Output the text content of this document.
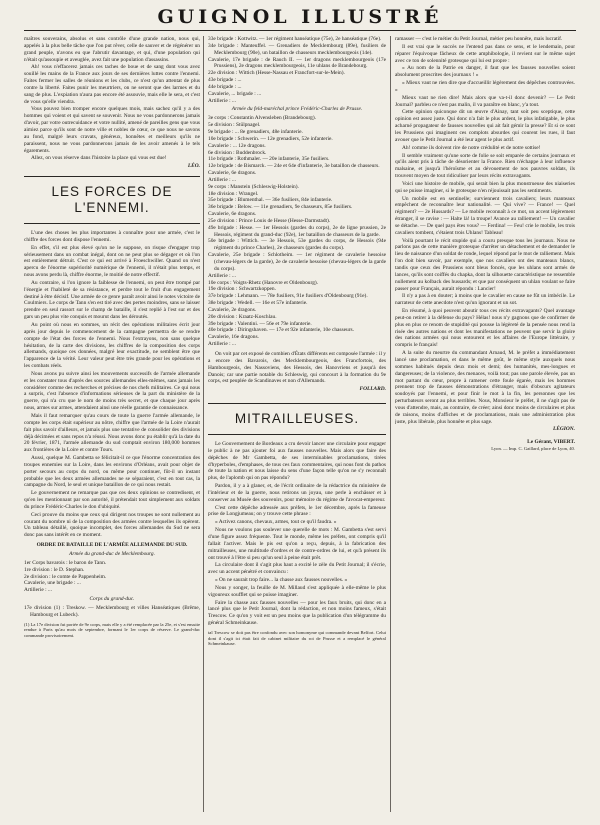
GUIGNOL ILLUSTRÉ

maîtres souverains, absolus et sans contrôle d'une grande nation, nous qui, appelés à la plus belle tâche que l'on put rêver, celle de sauver et de régénérer un grand peuple, n'avons eu que l'abrutir davantage, et qui, d'une population qui n'était qu'assoupie et aveuglée, avez fait une population d'assassins.

Ah! vous n'effacerez jamais ces taches de boue et de sang dont vous avez souillé les mains de la France aux jours de ses dernières luttes contre l'ennemi. Faites fermer les salles de réunions et les clubs, ce n'est qu'un attentat de plus contre la liberté. Faites punir les meurtriers, on ne seront que des larmes et du sang de plus. L'expiation n'aura pas encore été assouvie, mais elle le sera, et c'est de vous qu'elle viendra.

Vous pouvez bien tromper encore quelques mois, mais sachez qu'il y a des hommes qui voient et qui savent se souvenir. Nous ne vous pardonnerons jamais d'avoir, par votre outrecuidance et votre nullité, amené de pareilles gens que vous aimiez parce qu'ils sont de notre ville et nobles de cœur, ce que nous ne savons au fond, malgré leurs cravats, généreux, honnêtes et meilleurs qu'ils ne paraissent, nous ne vous pardonnerons jamais de les avoir amenés à le tels égarements.

Allez, on vous réserve dans l'histoire la place qui vous est due!

LÉO.
LES FORCES DE L'ENNEMI.

L'une des choses les plus importantes à connaître pour une armée, c'est le chiffre des forces dont dispose l'ennemi.

En effet, s'il est plus élevé qu'on ne le suppose, on risque d'engager trop sérieusement dans un combat inégal, dont on ne peut plus se dégager et où l'on est entièrement détruit. C'est ce qui est arrivé à Froeschwiller. Quand on n'est apercu de l'énorme supériorité numérique de l'ennemi, il n'était plus temps, et nous avons perdu là, chiffre énorme, le moitié de notre effectif.

Au contraire, si l'on ignore la faiblesse de l'ennemi, on peut être trompé par l'énergie et l'habileté de sa résistance, et perdre tout le fruit d'un engagement destiné à être décisif. Une armée de ce genre paraît avoir ainsi le notes victoire de Coulmiers. Le corps de Tann s'en est tiré avec des pertes moindres, sans se laisser prendre en seul rassort sur le champ de bataille, il s'est replié à l'est sur et des gars un peu plus vite conquis et mourut dans les déroutés.

Au point où nous en sommes, un récit des opérations militaires écrit jour après jour depuis le commencement de la campagne permettra de se rendre compte de l'état des forces de l'ennemi. Nous l'extrayons, non sans quelque hésitation, de la carte des divisions, les chiffres de la composition des corps allemands, quoique ces données, malgré leur exactitude, ne semblent être que l'apparence de la vérité. Leur valeur peut être très grande pour les opérations et les combats réels.

Nous avons pu suivre ainsi les mouvements successifs de l'armée allemande et les constater tous d'après des sources allemandes elles-mêmes, sans jamais les considérer comme des recherches et précises de nos chefs militaires. Ce qui nous a surpris, c'est l'absence d'informations sérieuses de la part du ministère de la guerre, qui n'a cru que le nom de moins très secret, et que chaque jour après nous, armes sur armes, attendaient ainsi une réelle garantie de connaissance.

Mais il faut remarquer qu'au cours de toute la guerre l'armée allemande, le compte les corps était supérieur au nôtre, chiffre que l'armée de la Loire n'aurait fait plus savoir d'ailleurs, et jamais plus une tentative de consolider des divisions déjà décimées et sans repos n'a réussi. Nous avons donc pu établir qu'à la date du 20 février, 1871, l'armée allemande du sud comptait environ 180,000 hommes aux frontières de la Loire et contre Tours.

Aussi, quelque M. Gambetta se félicitait-il ce que l'énorme concentration des troupes ennemies sur la Loire, dans les environs d'Orléans, avait pour objet de porter secours au corps du nord, ou même pour continuer, fût-il un instant probable que les deux armées allemandes ne se séparaient, c'est en tout cas, la campagne du Nord, le seul et unique bataillon de ce qui nous restait.

Le gouvernement ne remarque pas que ces deux opinions se contredisent, et qu'en les mentionnant par son autorité, il prétendait tout simplement aux soldats du prince Frédéric-Charles le don d'ubiquité.

Ceci prouve du moins que ceux qui dirigent nos troupes ne sont nullement au courant du nombre ni de la composition des armées contre lesquelles ils opèrent. Un tableau détaillé, quoique incomplet, des forces allemandes du Sud ne sera donc pas sans intérêt en ce moment.

ORDRE DE BATAILLE DE L'ARMÉE ALLEMANDE DU SUD.
Armée du grand-duc de Mecklembourg.
1er Corps bavarois : le baron de Tann.
1re division : le D. Stephan.
2e division : le comte de Pappenheim.
Cavalerie, une brigade : ...
Artillerie : ...
Corps du grand-duc.
17e division (1) : Treskow. — Mecklembourg et villes Hanséatiques (Brême, Hambourg et Lubeck).

(1) La 17e division fut portée de 9e corps, mais elle y a été remplacée par la 25e, et s'est ensuite rendue à Paris qu'au mois de septembre, formant le 1er corps de réserve. Le grand-duc commande provisoirement.

33e brigade : Kottwitz. — 1er régiment hanséatique (75e), 2e hanséatique (76e).
34e brigade : Manteuffel. — Grenadiers de Mecklembourg (89e), fusiliers de Mecklembourg (90e), un bataillon de chasseurs mecklembourgeois (14e).
Cavalerie, 17e brigade : de Rauch II. — 1er dragons mecklembourgeois (17e Prussiens), 2e dragons mecklembourgeois, 11e uhlans de Brandebourg.
22e division : Wittich (Hesse-Nassau et Francfort-sur-le-Mein).
43e brigade : ...
44e brigade : ...
Cavalerie, ... brigade : ...
Artillerie : ...
Armée du feld-maréchal prince Frédéric-Charles de Prusse.
3e corps : Constantin Alvensleben (Brandebourg).
5e division : Stülpnagel.
9e brigade : ... 8e grenadiers, 48e infanterie.
10e brigade : Schwerin. — 12e grenadiers, 52e infanterie.
Cavalerie : ... 12e dragons.
6e division : Buddenbrock.
11e brigade : Rothmaler. — 20e infanterie, 35e fusiliers.
12e brigade : de Bismarck. — 24e et 64e d'infanterie, 3e bataillon de chasseurs.
Cavalerie, 6e dragons.
Artillerie : ...
9e corps : Manstein (Schleswig-Holstein).
18e division : Wrangel.
35e brigade : Blumenthal. — 36e fusiliers, 84e infanterie.
36e brigade : Below. — 11e grenadiers, 9e chasseurs, 85e fusiliers.
Cavalerie, 6e dragons.
25e division : Prince Louis de Hesse (Hesse-Darmstadt).
49e brigade : Hesse. — 1er Hessois (gardes du corps), 2e de ligne prussien, 2e Hessois, régiment du grand-duc (92e), 1er bataillon de chasseurs de la garde.
50e brigade : Wittich. — 3e Hessois, 53e gardes du corps, 4e Hessois (94e régiment du prince Charles), 2e chasseurs (gardes du corps).
Cavalerie, 25e brigade : Schlotheim. — 1er régiment de cavalerie hessoise (chevau-légers de la garde), 2e de cavalerie hessoise (chevau-légers de la garde du corps).
Artillerie : ...
10e corps : Voigts-Rhetz (Hanovre et Oldenbourg).
19e division : Schwartzkoppen.
37e brigade : Lehmann. — 78e fusiliers, 91e fusiliers d'Oldenbourg (91e).
38e brigade : Wedell. — 16e et 57e infanterie.
Cavalerie, 2e dragons.
20e division : Kraatz-Koschlau.
39e brigade : Valentini. — 56e et 79e infanterie.
40e brigade : Diringshaven. — 17e et 92e infanterie, 10e chasseurs.
Cavalerie, 16e dragons.
Artillerie : ...

On voit par cet exposé de combien d'États différents est composée l'armée : il y a encore des Bavarois, des Mecklembourgeois, des Francfortois, des Hambourgeois, des Nassoviens, des Hessois, des Hanovriens et jusqu'à des Danois; car une partie notable du Schleswig, qui concourt à la formation du 9e corps, est peuplée de Scandinaves et non d'Allemands.

FOLLARD.
MITRAILLEUSES.

Le Gouvernement de Bordeaux a cru devoir lancer une circulaire pour engager le public à ne pas ajouter foi aux fausses nouvelles. Mais alors que faire des dépêches de Mr Gambetta, de ses interminables proclamations, tirées d'hyperboles, d'emphases, de tous ces faux commentaires, qui nous font du pathos de toute la nation et nous laisse du sens d'une façon telle qu'on ne s'y reconnaît plus, de l'aplomb qui on pas répondu?

Pardon, il y a à glaner, et, de l'écrit ordinaire de la rédactrice du ministère de l'intérieur et de la guerre, nous retirons un joyau, une perle à enchâsser et à conserver au Musée des souvenirs, pour mémoire du régime de l'avocat-empereur.

C'est cette dépêche adressée aux préfets, le 1er décembre, après la fameuse prise de Longjumeau; on y trouve cette phrase :

« Activez canons, chevaux, armes, tout ce qu'il faudra. »

Nous ne voulons pas soulever une querelle de mots : M. Gambetta s'est servi d'une figure assez fréquente. Tout le monde, même les préfets, ont compris qu'il fallait l'activer. Mais le pis est qu'on a reçu, depuis, à la fabrication des mitrailleuses, une multitude d'ordres et de contre-ordres de lui, et qu'à présent ils ont trouvé à l'être si peu qu'un seul à peine était prêt.

La circulaire dont il s'agit plus haut a excité le zèle du Petit Journal; il s'écrie, avec un accent pénétré et convaincu :

« On ne saurait trop faire... la chasse aux fausses nouvelles. »

Nous y songer, la feuille de M. Millaud s'est appliquée à elle-même le plus vigoureux soufflet qui se puisse imaginer.

Faire la chasse aux fausses nouvelles — pour les faux bruits, qui donc en a lancé plus que le Petit Journal, dont la rédaction, et non moins fameux, s'était Trescow. Ce qu'on y voit est un peu moins que la publication d'un télégramme du général Schmeinkause.

tal Trescow se doit pas être confondu avec son homonyme qui commande devant Belfort. Celui dont il s'agit ici était fait de cabinet militaire du roi de Prusse et a remplacé le général Schmeinkause.

ramasser — c'est le métier du Petit Journal, métier peu honnête, mais lucratif.

Il est vrai que le succès ne l'entend pas dans ce sens, et le lendemain, pour réparer l'équivoque fâcheux de cette amphibologie, il revient sur le même sujet avec ce ton de solennité grotesque qui lui est propre :

« Au nom de la Patrie en danger, il faut que les fausses nouvelles soient absolument proscrites des journaux ! »

« Mieux vaut ne rien dire que d'accueillir légèrement des dépêches controuvées. »

Mieux vaut ne rien dire! Mais alors que va-t-il donc devenir? — Le Petit Journal? parbleu ce n'est pas malin, il va paraître en blanc, y'a tout.

Cette opinion quiconque dit un œuvre d'Ainay, tant soit peu sceptique, cette opinion est assez juste. Qui donc n'a fait le plus ardent, le plus infatigable, le plus acharné propagateur de fausses nouvelles qui ait fait gémir la presse? Et si ce sont les Prussiens qui imaginent ces complots absurdes qui courent les rues, il faut avouer que le Petit Journal a été leur agent le plus actif.

Ah! comme ils doivent rire de notre crédulité et de notre sottise!

Il semble vraiment qu'une sorte de folie se soit emparée de certains journaux et qu'ils aient pris à tâche de désorienter la France. Rien n'échappe à leur influence malsaine, et jusqu'à l'héroïsme et au dévouement de nos pauvres soldats, ils trouvent moyen de tout ridiculiser par leurs récits extravagants.

Voici une histoire de mobile, qui serait bien la plus monstrueuse des niaiseries qui se puisse imaginer, si le grotesque n'en réjouissait pas les sentiments.

Un mobile est en sentinelle; surviennent trois cavaliers; leurs manteaux empêchent de reconnaître leur nationalité. — Qui vive? — France! — Quel régiment? — 2e Hussards? — Le mobile reconnaît à ce mot, un accent légèrement étranger, il se ravise : — Halte là! la troupe! Avance au ralliement! — Un cavalier se détache. — De quel pays êtes vous? — Ferdina! — Feu! crie le mobile, les trois cavaliers tombent, c'étaient trois Uhlans! Tableau!

Voilà pourtant le récit stupide qui a couru presque tous les journaux. Nous ne parlons pas de cette manière grotesque d'arrêter un détachement et de demander le lieu de naissance d'un soldat de ronde, lequel répond par le mot de ralliement. Mais l'on doit bien savoir, par exemple, que nos cavaliers ont des manteaux blancs, tandis que ceux des Prussiens sont bleus foncés, que les uhlans sont armés de lances, qu'ils sont coiffés du chapka, dont la silhouette caractéristique ne ressemble nullement au kolback des hussards; et que par conséquent un uhlan voulant se faire passer pour Français, aurait répondu : Lancier!

Il n'y a pas à en douter; à moins que le cavalier en cause ne fût un imbécile. Le narrateur de cette anecdote n'est qu'un ignorant et un sot.

En résumé, à quoi peuvent aboutir tous ces récits extravagants? Quel avantage peut-on retirer à la défense du pays? Hélas! nous n'y gagnons que de confirmer de plus en plus ce renom de stupidité qui pousse la légèreté de la pensée nous rend la risée des autres nations et dont les manifestations ne peuvent que servir la gloire des nations armées qui nous entourent et les affaires de l'Europe littéraire, y compris le français!

A la suite du meurtre du commandant Arnaud, M. le préfet a immédiatement lancé une proclamation, et dans le même goût, le même style auxquels nous sommes habitués depuis deux mois et demi; des humanités, mes-longues et dangereuses; de la violence, des menaces, voilà tout; pas une parole élevée, pas un mot partant du cœur, propre à ramener cette foule égarée, mais les hommes prennent trop de fausses démonstrations d'étranger, mais d'obscurs agitateurs soudoyés par l'ennemi, et pour finir le mot à la fin, les personnes que les perturbateurs seront au plus terribles. Nous, Monsieur le préfet, il ne s'agit pas de vous d'attendre, mais, au contraire, de créer; ainsi donc moins de circulaires et plus de raisons, moins d'affiches et de proclamations, mais une administration plus juste, plus libérale, plus honnête et plus sage.

LÉGION.
Le Gérant, VIBERT.
Lyon. — Imp. C. Gaillard, place de Lyon, 40.
